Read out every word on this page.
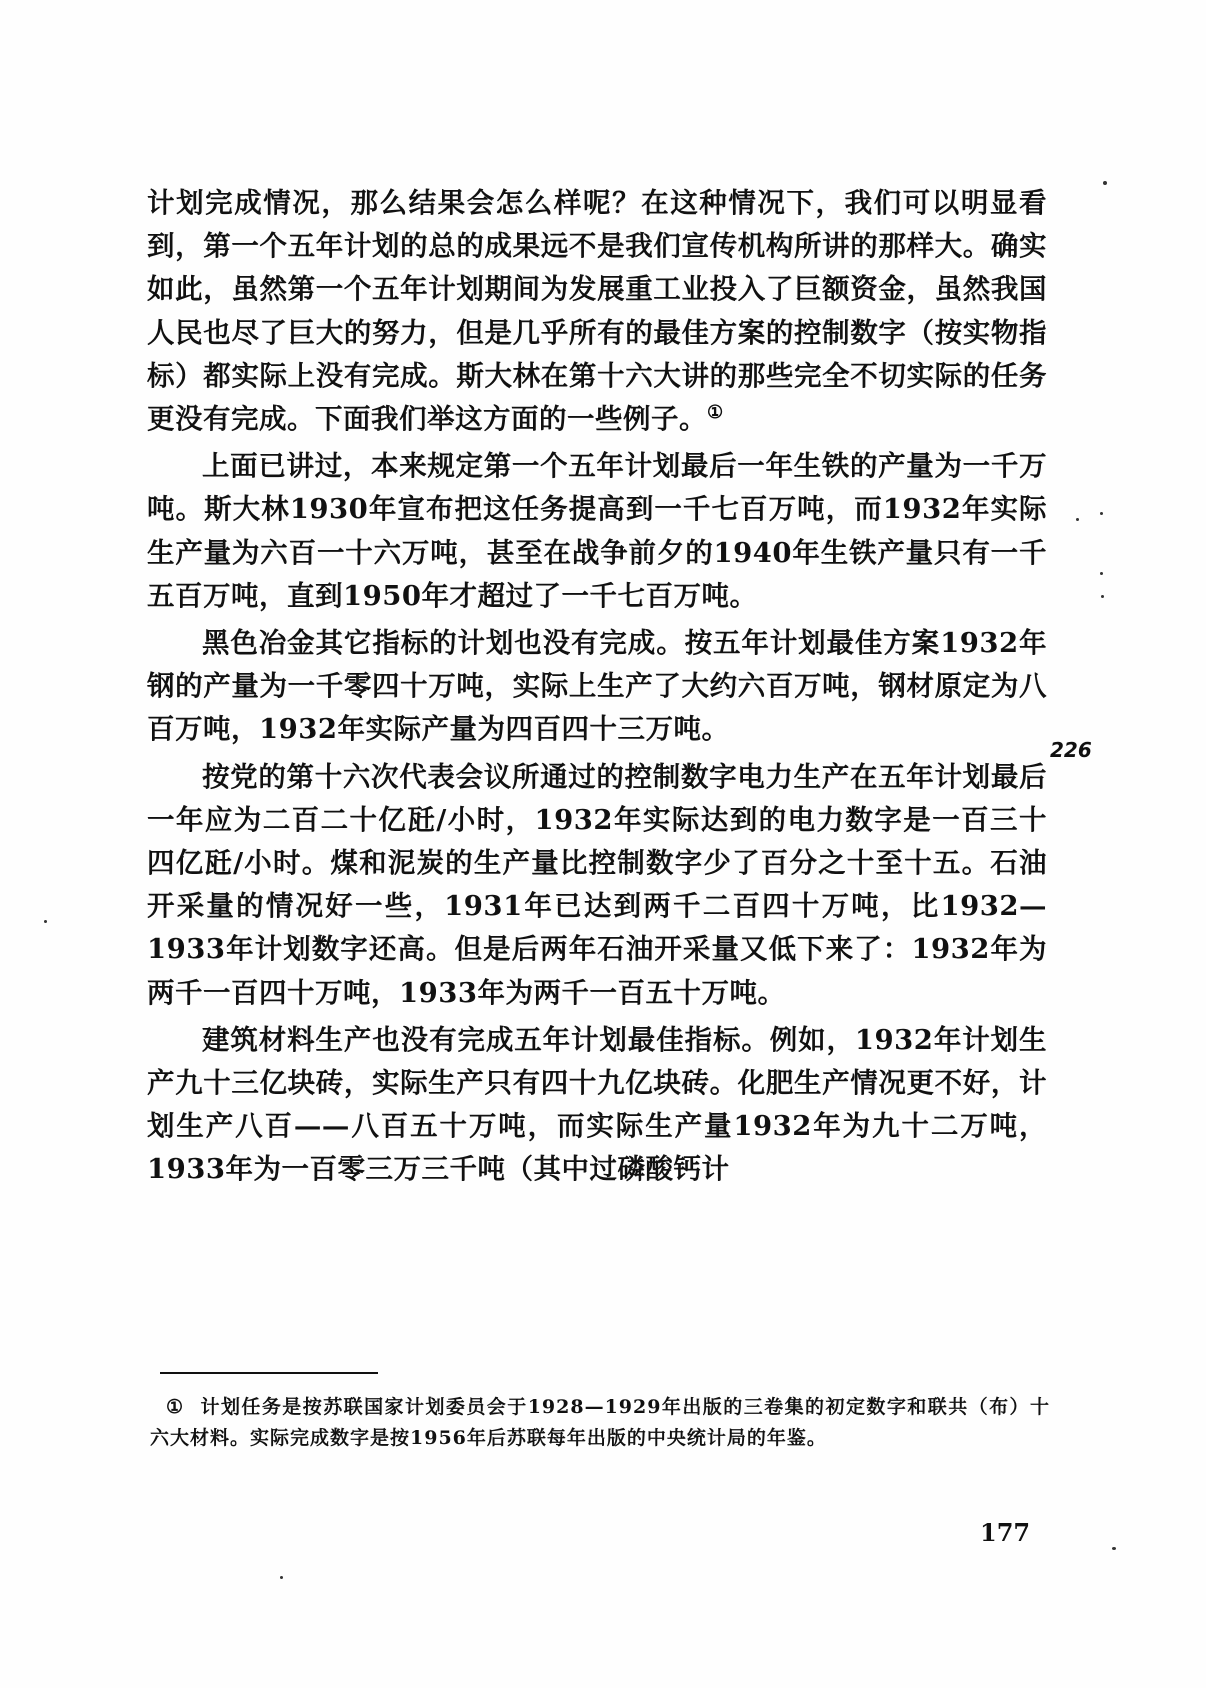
计划完成情况，那么结果会怎么样呢？在这种情况下，我们可以明显看到，第一个五年计划的总的成果远不是我们宣传机构所讲的那样大。确实如此，虽然第一个五年计划期间为发展重工业投入了巨额资金，虽然我国人民也尽了巨大的努力，但是几乎所有的最佳方案的控制数字（按实物指标）都实际上没有完成。斯大林在第十六大讲的那些完全不切实际的任务更没有完成。下面我们举这方面的一些例子。①

上面已讲过，本来规定第一个五年计划最后一年生铁的产量为一千万吨。斯大林1930年宣布把这任务提高到一千七百万吨，而1932年实际生产量为六百一十六万吨，甚至在战争前夕的1940年生铁产量只有一千五百万吨，直到1950年才超过了一千七百万吨。

黑色冶金其它指标的计划也没有完成。按五年计划最佳方案1932年钢的产量为一千零四十万吨，实际上生产了大约六百万吨，钢材原定为八百万吨，1932年实际产量为四百四十三万吨。

按党的第十六次代表会议所通过的控制数字电力生产在五年计划最后一年应为二百二十亿瓩/小时，1932年实际达到的电力数字是一百三十四亿瓩/小时。煤和泥炭的生产量比控制数字少了百分之十至十五。石油开采量的情况好一些，1931年已达到两千二百四十万吨，比1932—1933年计划数字还高。但是后两年石油开采量又低下来了：1932年为两千一百四十万吨，1933年为两千一百五十万吨。

建筑材料生产也没有完成五年计划最佳指标。例如，1932年计划生产九十三亿块砖，实际生产只有四十九亿块砖。化肥生产情况更不好，计划生产八百——八百五十万吨，而实际生产量1932年为九十二万吨，1933年为一百零三万三千吨（其中过磷酸钙计

226
① 计划任务是按苏联国家计划委员会于1928—1929年出版的三卷集的初定数字和联共（布）十六大材料。实际完成数字是按1956年后苏联每年出版的中央统计局的年鉴。
177
